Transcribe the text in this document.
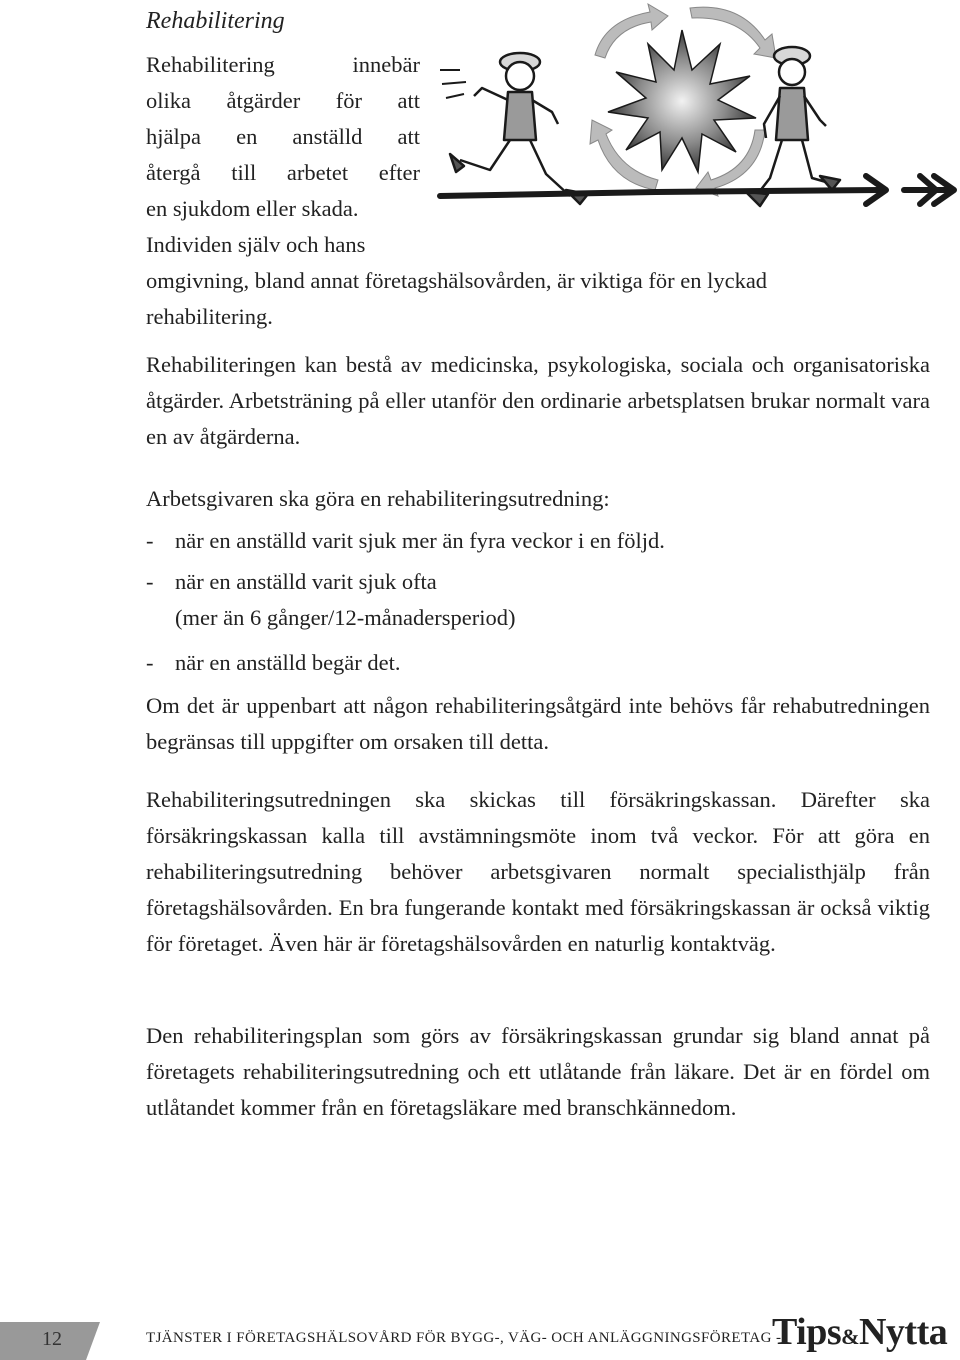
Rehabilitering
Rehabilitering innebär
olika åtgärder för att
hjälpa en anställd att
återgå till arbetet efter
en sjukdom eller skada.
Individen själv och hans
omgivning, bland annat företagshälsovården, är viktiga för en lyckad
rehabilitering.
Rehabiliteringen kan bestå av medicinska, psykologiska, sociala och organisatoriska åtgärder. Arbetsträning på eller utanför den ordinarie arbetsplatsen brukar normalt vara en av åtgärderna.
Arbetsgivaren ska göra en rehabiliteringsutredning:
- när en anställd varit sjuk mer än fyra veckor i en följd.
- när en anställd varit sjuk ofta
(mer än 6 gånger/12-månadersperiod)
- när en anställd begär det.
Om det är uppenbart att någon rehabiliteringsåtgärd inte behövs får rehabutredningen begränsas till uppgifter om orsaken till detta.
Rehabiliteringsutredningen ska skickas till försäkringskassan. Därefter ska försäkringskassan kalla till avstämningsmöte inom två veckor. För att göra en rehabiliteringsutredning behöver arbetsgivaren normalt specialisthjälp från företagshälsovården. En bra fungerande kontakt med försäkringskassan är också viktig för företaget. Även här är företagshälsovården en naturlig kontaktväg.
Den rehabiliteringsplan som görs av försäkringskassan grundar sig bland annat på företagets rehabiliteringsutredning och ett utlåtande från läkare. Det är en fördel om utlåtandet kommer från en företagsläkare med branschkännedom.
12	TJÄNSTER I FÖRETAGSHÄLSOVÅRD FÖR BYGG-, VÄG- OCH ANLÄGGNINGSFÖRETAG -
Tips&Nytta
